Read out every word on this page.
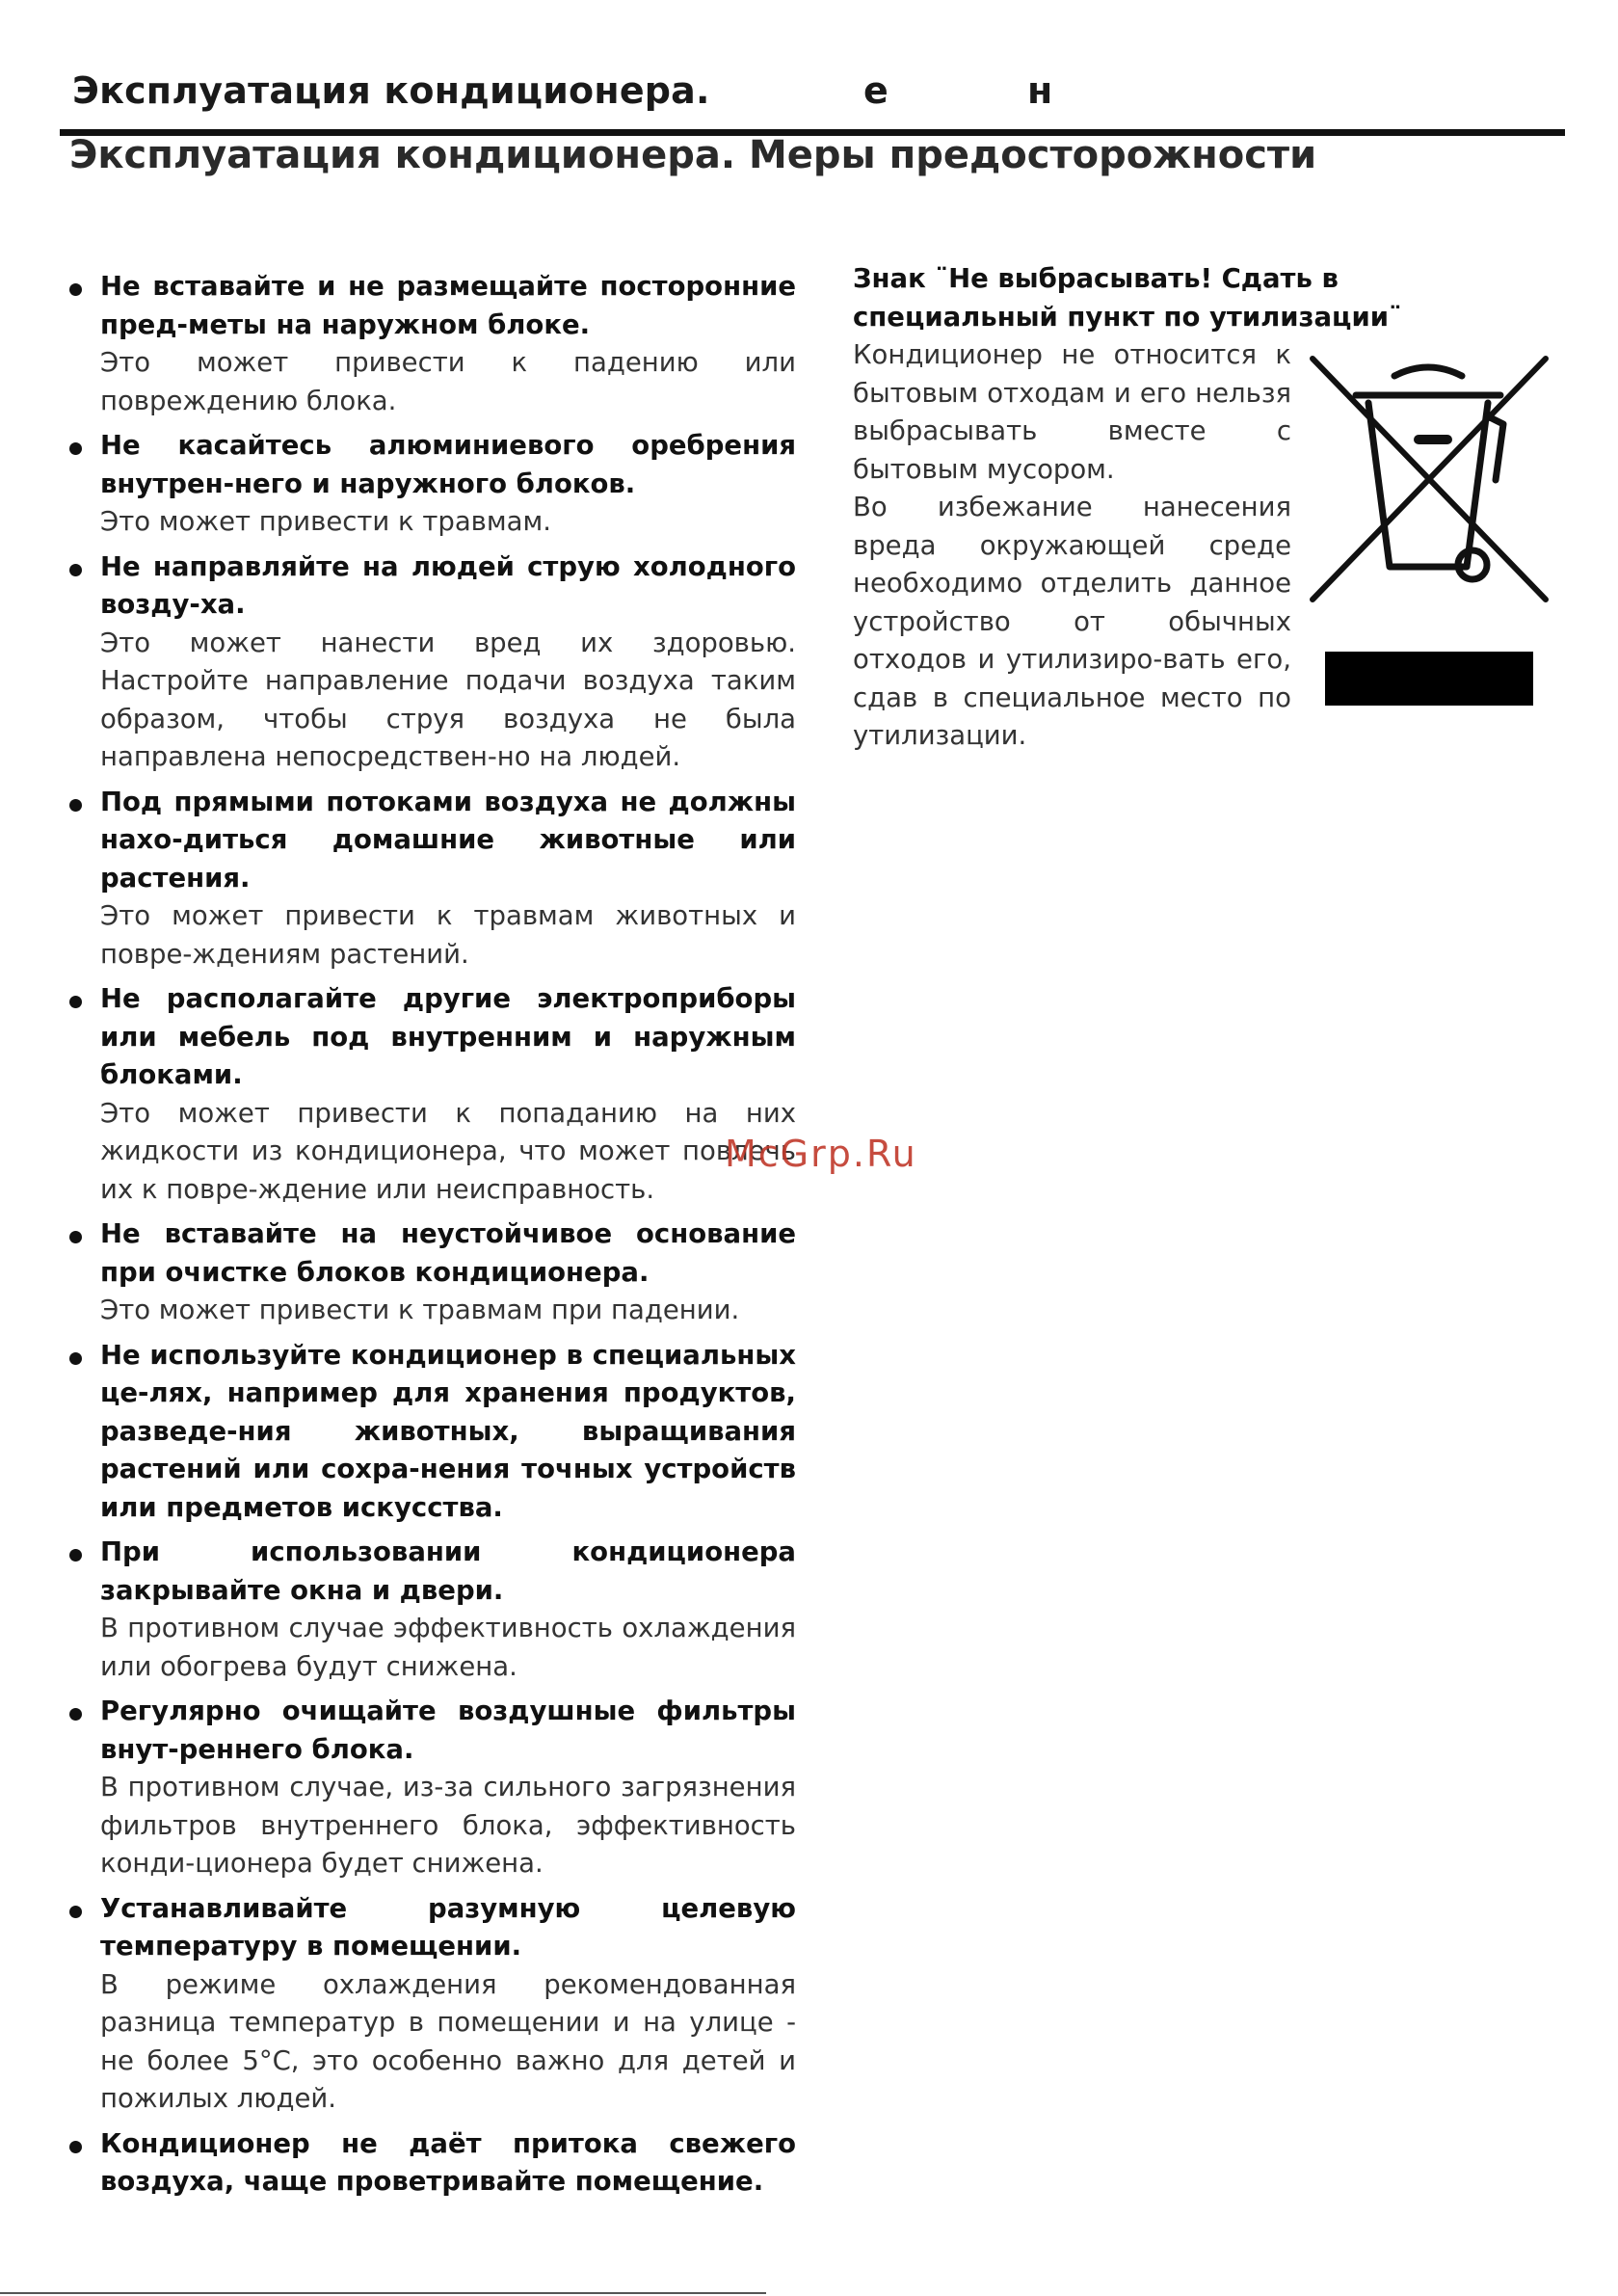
Эксплуатация кондиционера.	е	н
Эксплуатация кондиционера. Меры предосторожности
Не вставайте и не размещайте посторонние пред-меты на наружном блоке.
Это может привести к падению или повреждению блока.
Не касайтесь алюминиевого оребрения внутрен-него и наружного блоков.
Это может привести к травмам.
Не направляйте на людей струю холодного возду-ха.
Это может нанести вред их здоровью. Настройте направление подачи воздуха таким образом, чтобы струя воздуха не была направлена непосредствен-но на людей.
Под прямыми потоками воздуха не должны нахо-диться домашние животные или растения.
Это может привести к травмам животных и повре-ждениям растений.
Не располагайте другие электроприборы или мебель под внутренним и наружным блоками.
Это может привести к попаданию на них жидкости из кондиционера, что может повлечь их к повре-ждение или неисправность.
Не вставайте на неустойчивое основание при очистке блоков кондиционера.
Это может привести к травмам при падении.
Не используйте кондиционер в специальных це-лях, например для хранения продуктов, разведе-ния животных, выращивания растений или сохра-нения точных устройств или предметов искусства.
При использовании кондиционера закрывайте окна и двери.
В противном случае эффективность охлаждения или обогрева будут снижена.
Регулярно очищайте воздушные фильтры внут-реннего блока.
В противном случае, из-за сильного загрязнения фильтров внутреннего блока, эффективность конди-ционера будет снижена.
Устанавливайте разумную целевую температуру в помещении.
В режиме охлаждения рекомендованная разница температур в помещении и на улице - не более 5°С, это особенно важно для детей и пожилых людей.
Кондиционер не даёт притока свежего воздуха, чаще проветривайте помещение.
Знак ¨Не выбрасывать! Сдать в специальный пункт по утилизации¨
Кондиционер не относится к бытовым отходам и его нельзя выбрасывать вместе с бытовым мусором.
Во избежание нанесения вреда окружающей среде необходимо отделить данное устройство от обычных отходов и утилизиро-вать его, сдав в специальное место по утилизации.
McGrp.Ru
